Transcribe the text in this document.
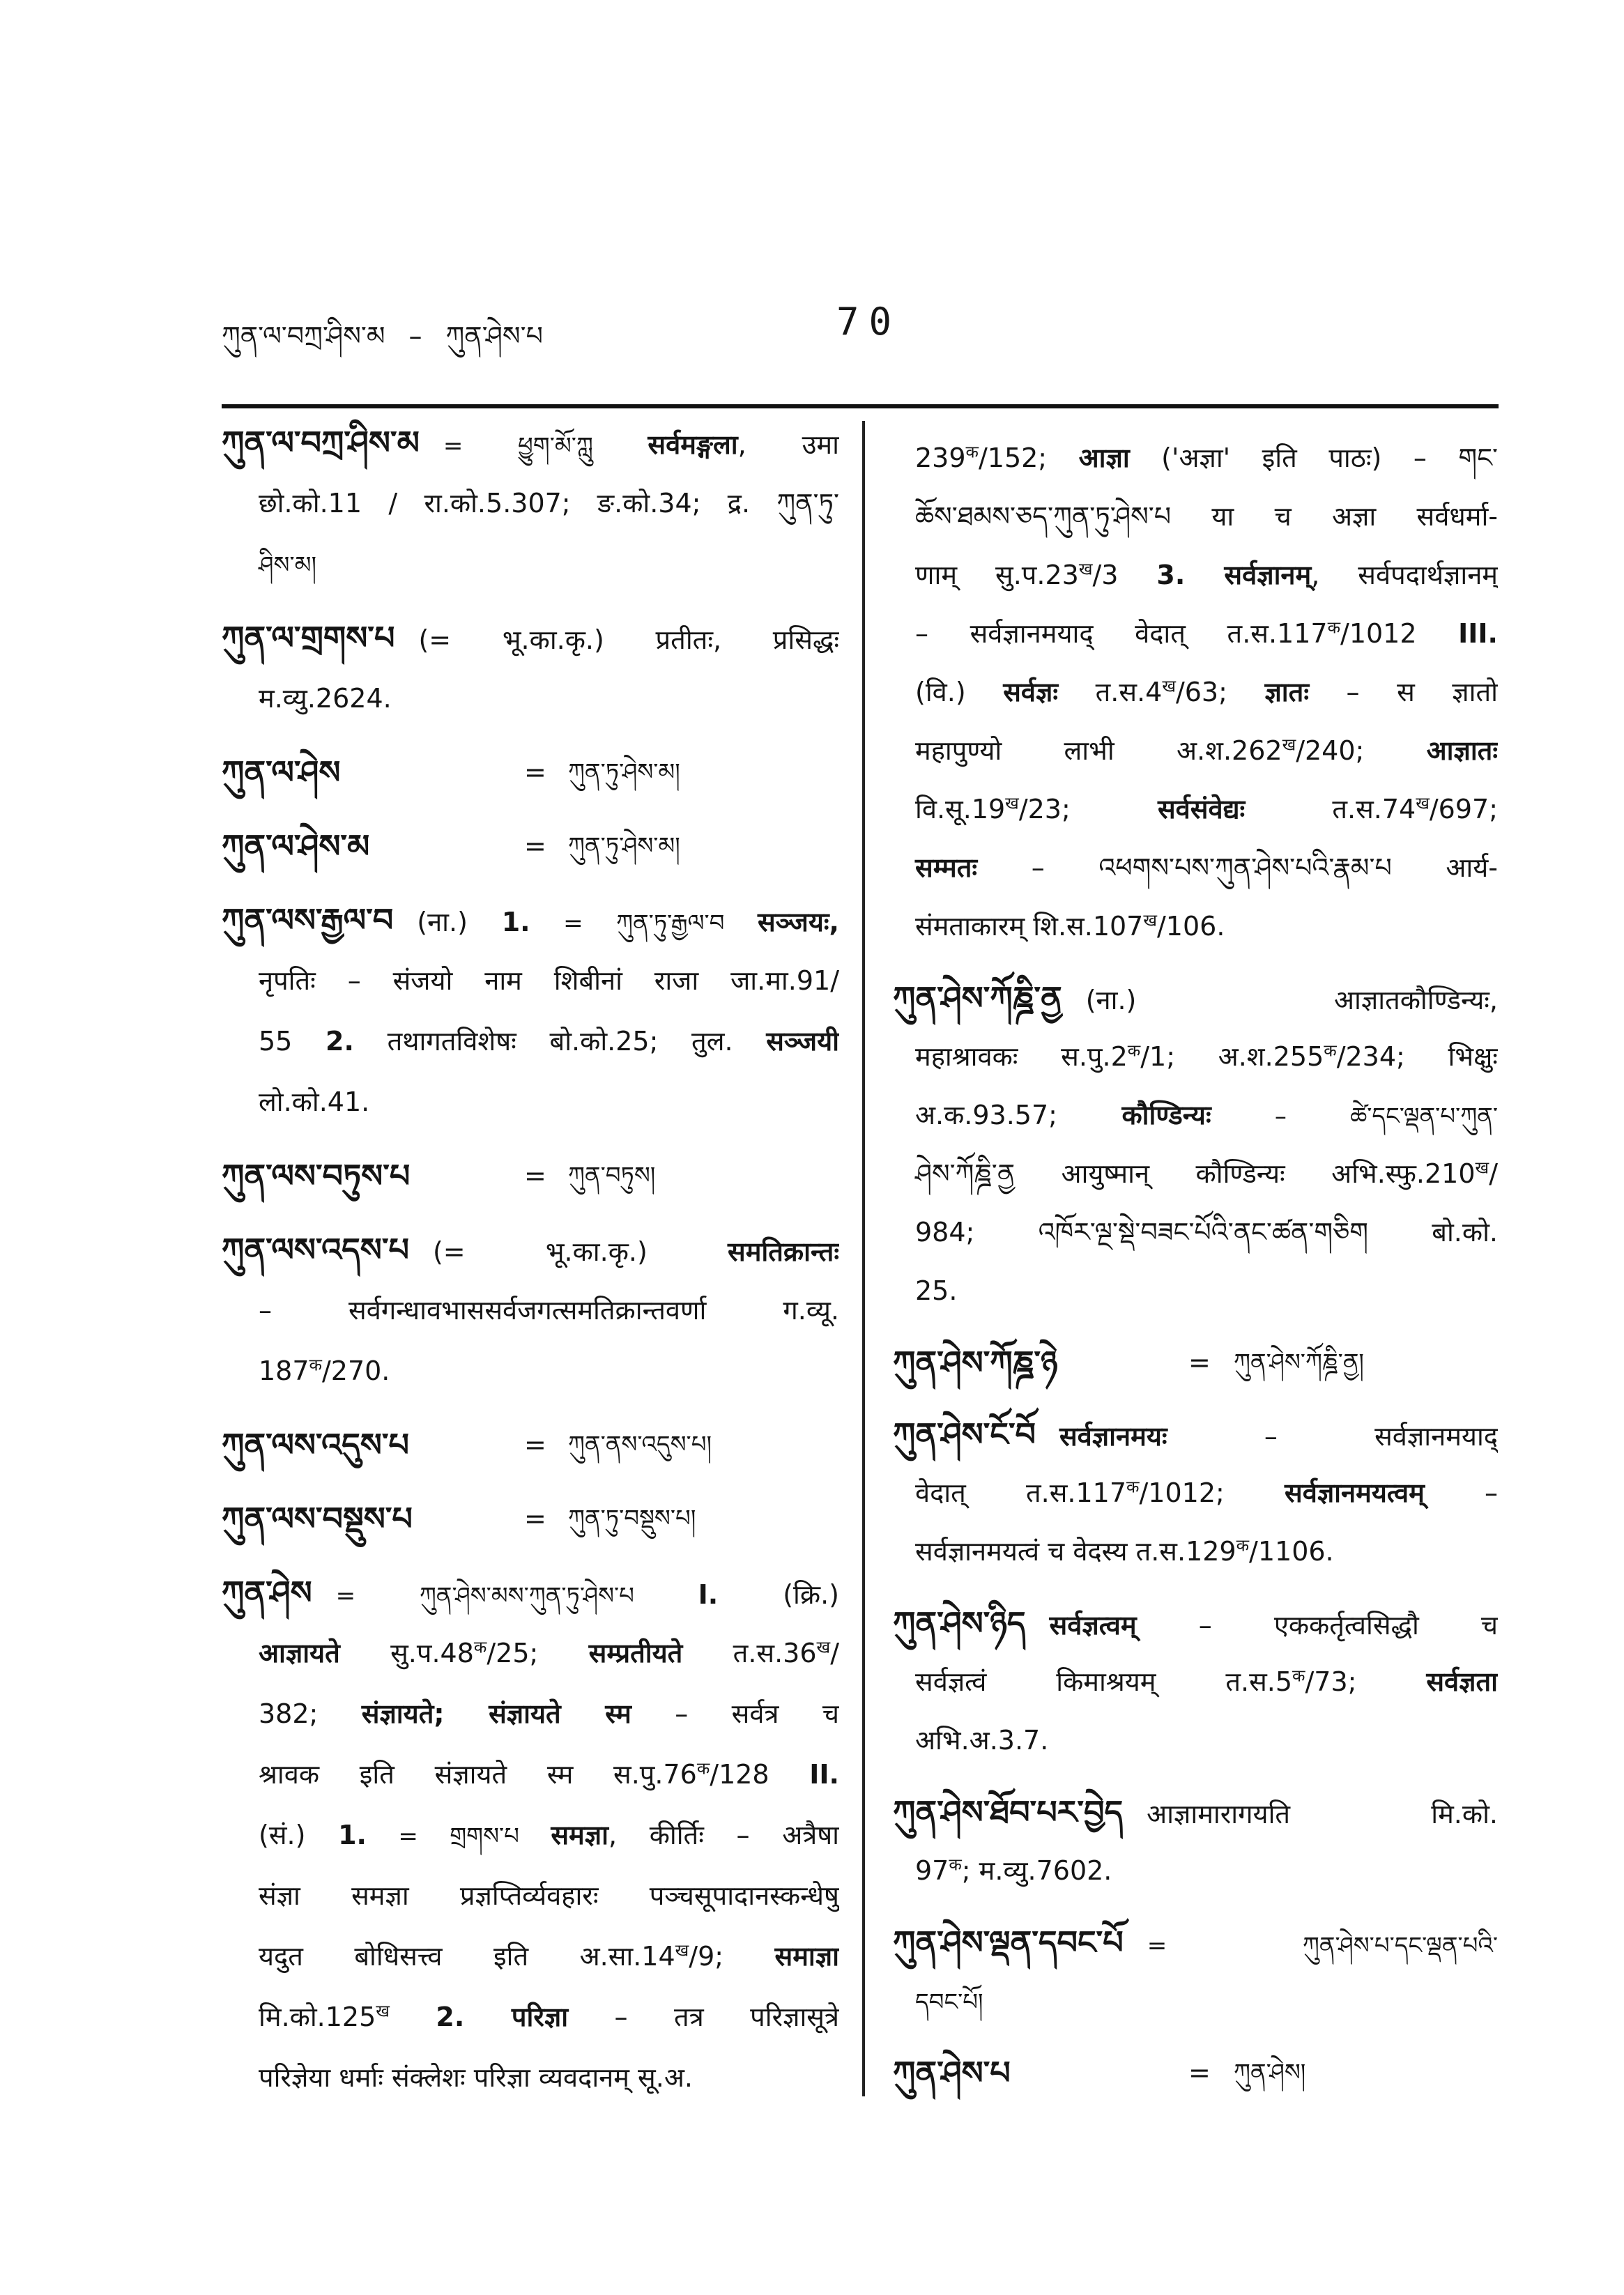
ཀུན་ལ་བཀྲ་ཤིས་མ – ཀུན་ཤེས་པ	70
ཀུན་ལ་བཀྲ་ཤིས་མ = ཕྱུག་མོ་ཀླུ सर्वमङ्गला, उमा
छो.को.11 / रा.को.5.307; ङ.को.34; द्र. ཀུན་ཏུ་
ཤིས་མ།
ཀུན་ལ་གྲགས་པ (= भू.का.कृ.) प्रतीतः, प्रसिद्धः
म.व्यु.2624.
ཀུན་ལ་ཤེས	= ཀུན་ཏུ་ཤེས་མ།
ཀུན་ལ་ཤེས་མ	= ཀུན་ཏུ་ཤེས་མ།
ཀུན་ལས་རྒྱལ་བ (ना.) 1. = ཀུན་ཏུ་རྒྱལ་བ सञ्जयः,
नृपतिः – संजयो नाम शिबीनां राजा जा.मा.91/
55 2. तथागतविशेषः बो.को.25; तुल. सञ्जयी
लो.को.41.
ཀུན་ལས་བཏུས་པ	= ཀུན་བཏུས།
ཀུན་ལས་འདས་པ (= भू.का.कृ.) समतिक्रान्तः
– सर्वगन्धावभाससर्वजगत्समतिक्रान्तवर्णा ग.व्यू.
$187^क/270$.
ཀུན་ལས་འདུས་པ	= ཀུན་ནས་འདུས་པ།
ཀུན་ལས་བསྡུས་པ	= ཀུན་ཏུ་བསྡུས་པ།
ཀུན་ཤེས = ཀུན་ཤེས་མས་ཀུན་ཏུ་ཤེས་པ I. (क्रि.)
आज्ञायते $सु.प.48^क/25$; सम्प्रतीयते $त.स.36^ख/$
382; संज्ञायते; संज्ञायते स्म – सर्वत्र च
श्रावक इति संज्ञायते स्म $स.पु.76^क/128$ II.
(सं.) 1. = གྲགས་པ समज्ञा, कीर्तिः – अत्रैषा
संज्ञा समज्ञा प्रज्ञप्तिर्व्यवहारः पञ्चसूपादानस्कन्धेषु
यदुत बोधिसत्त्व इति $अ.सा.14^ख/9$; समाज्ञा
$मि.को.125^ख$ 2. परिज्ञा – तत्र परिज्ञासूत्रे
परिज्ञेया धर्माः संक्लेशः परिज्ञा व्यवदानम् सू.अ.
$239^क/152$; आज्ञा ('अज्ञा' इति पाठः) – གང་
ཆོས་ཐམས་ཅད་ཀུན་ཏུ་ཤེས་པ या च अज्ञा सर्वधर्मा-
णाम् $सु.प.23^ख/3$ 3. सर्वज्ञानम्, सर्वपदार्थज्ञानम्
– सर्वज्ञानमयाद् वेदात् $त.स.117^क/1012$ III.
(वि.) सर्वज्ञः $त.स.4^ख/63$; ज्ञातः – स ज्ञातो
महापुण्यो लाभी $अ.श.262^ख/240$; आज्ञातः
$वि.सू.19^ख/23$; सर्वसंवेद्यः $त.स.74^ख/697$;
सम्मतः – འཕགས་པས་ཀུན་ཤེས་པའི་རྣམ་པ आर्य-
संमताकारम् $शि.स.107^ख/106$.
ཀུན་ཤེས་ཀོཎྜི་ནྱ (ना.) आज्ञातकौण्डिन्यः,
महाश्रावकः $स.पु.2^क/1$; $अ.श.255^क/234$; भिक्षुः
अ.क.93.57; कौण्डिन्यः – ཚེ་དང་ལྡན་པ་ཀུན་
ཤེས་ཀོཎྜི་ནྱ आयुष्मान् कौण्डिन्यः $अभि.स्फु.210^ख/$
984; འཁོར་ལྔ་སྡེ་བཟང་པོའི་ནང་ཚན་གཅིག बो.को.
25.
ཀུན་ཤེས་ཀོཎྜ་ཉེ	= ཀུན་ཤེས་ཀོཎྜི་ནྱ།
ཀུན་ཤེས་ངོ་བོ सर्वज्ञानमयः – सर्वज्ञानमयाद्
वेदात् $त.स.117^क/1012$; सर्वज्ञानमयत्वम् –
सर्वज्ञानमयत्वं च वेदस्य $त.स.129^क/1106$.
ཀུན་ཤེས་ཉིད सर्वज्ञत्वम् – एककर्तृत्वसिद्धौ च
सर्वज्ञत्वं किमाश्रयम् $त.स.5^क/73$; सर्वज्ञता
अभि.अ.3.7.
ཀུན་ཤེས་ཐོབ་པར་བྱེད आज्ञामारागयति मि.को.
$97^क$; म.व्यु.7602.
ཀུན་ཤེས་ལྡན་དབང་པོ = ཀུན་ཤེས་པ་དང་ལྡན་པའི་
དབང་པོ།
ཀུན་ཤེས་པ	= ཀུན་ཤེས།
